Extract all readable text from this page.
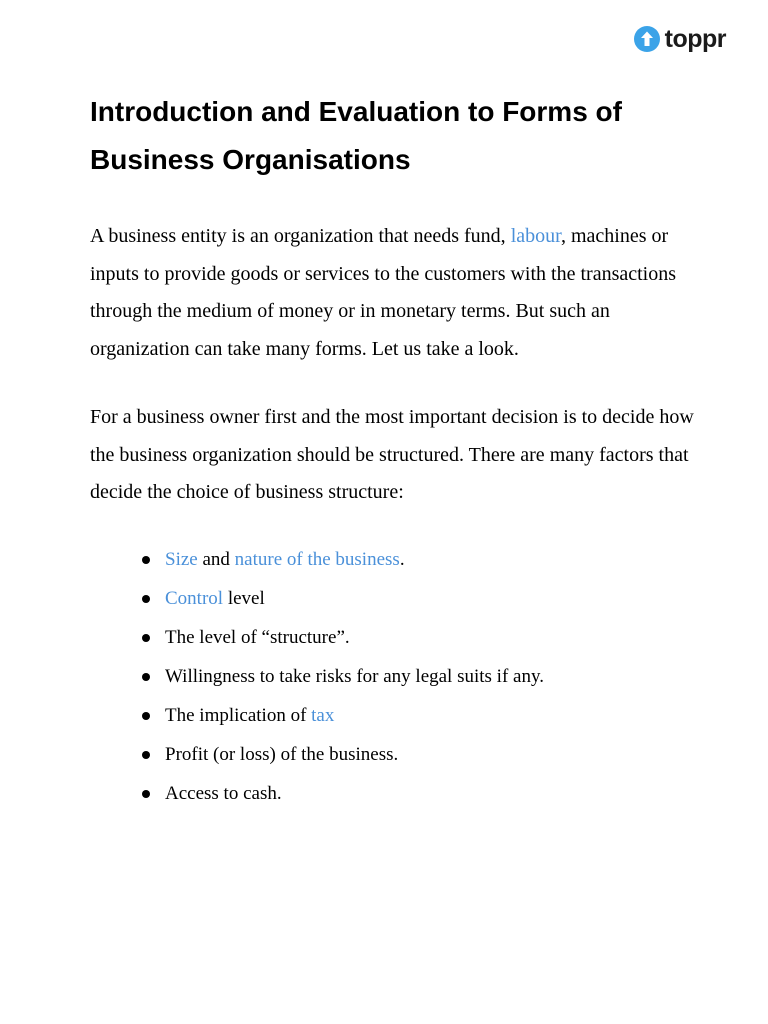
toppr
Introduction and Evaluation to Forms of
Business Organisations

A business entity is an organization that needs fund, labour, machines or inputs to provide goods or services to the customers with the transactions through the medium of money or in monetary terms. But such an organization can take many forms. Let us take a look.

For a business owner first and the most important decision is to decide how the business organization should be structured. There are many factors that decide the choice of business structure:

Size and nature of the business.
Control level
The level of “structure”.
Willingness to take risks for any legal suits if any.
The implication of tax
Profit (or loss) of the business.
Access to cash.
